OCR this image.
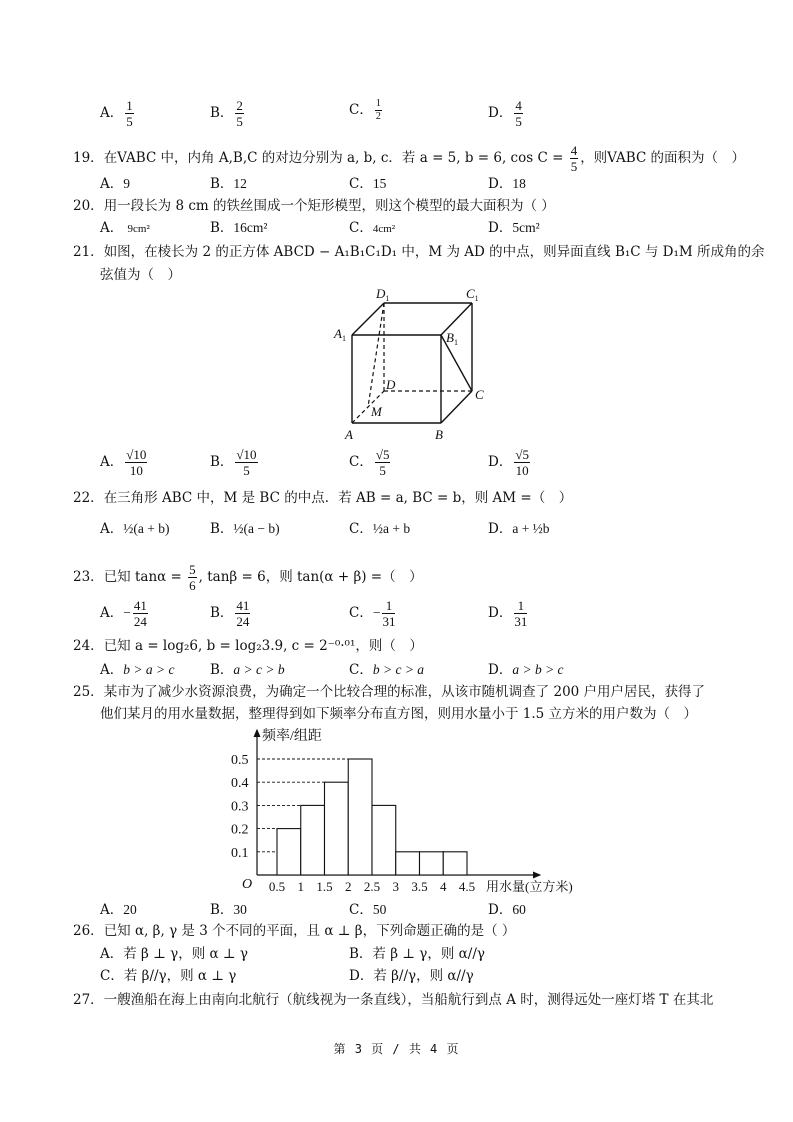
A． $\frac{1}{5}$	B． $\frac{2}{5}$	C． $\frac{1}{2}$	D． $\frac{4}{5}$
19．在VABC 中，内角 A,B,C 的对边分别为 a, b, c．若 a = 5, b = 6, $\cos C = \frac{4}{5}$ ，则VABC 的面积为（　）
A．9	B．12	C．15	D．18
20．用一段长为 8 cm 的铁丝围成一个矩形模型，则这个模型的最大面积为（ ）
A． 9cm²	B．16cm²	C．4cm²	D．5cm²
21．如图，在棱长为 2 的正方体 ABCD − A₁B₁C₁D₁ 中，M 为 AD 的中点，则异面直线 B₁C 与 D₁M 所成角的余
弦值为（　）
$D_1$	$C_1$
$A_1$	$B_1$
D
C
M
A	B
A． $\frac{√10}{10}$	B． $\frac{√10}{5}$	C． $\frac{√5}{5}$	D． $\frac{√5}{10}$
22．在三角形 ABC 中，M 是 BC 的中点．若 AB = a, BC = b，则 AM =（　）
A．½(a + b)	B．½(a − b)	C．½a + b	D．a + ½b
23．已知 $\tan\alpha = \frac{5}{6}$ , tanβ = 6，则 tan(α + β) =（　）
A．− $\frac{41}{24}$	B． $\frac{41}{24}$	C．− $\frac{1}{31}$	D． $\frac{1}{31}$
24．已知 a = log₂6, b = log₂3.9, c = 2⁻⁰·⁰¹，则（　）
A．b > a > c	B．a > c > b	C．b > c > a	D．a > b > c
25．某市为了减少水资源浪费，为确定一个比较合理的标准，从该市随机调查了 200 户用户居民，获得了
他们某月的用水量数据，整理得到如下频率分布直方图，则用水量小于 1.5 立方米的用户数为（　）
0.1
0.2
0.3
0.4
0.5
0.5 1 1.5 2 2.5 3 3.5 4 4.5
O
频率/组距
用水量(立方米)
A．20	B．30	C．50	D．60
26．已知 α, β, γ 是 3 个不同的平面，且 α ⊥ β，下列命题正确的是（ ）
A．若 β ⊥ γ，则 α ⊥ γ	B．若 β ⊥ γ，则 α//γ
C．若 β//γ，则 α ⊥ γ	D．若 β//γ，则 α//γ
27．一艘渔船在海上由南向北航行（航线视为一条直线），当船航行到点 A 时，测得远处一座灯塔 T 在其北
第 3 页 / 共 4 页
